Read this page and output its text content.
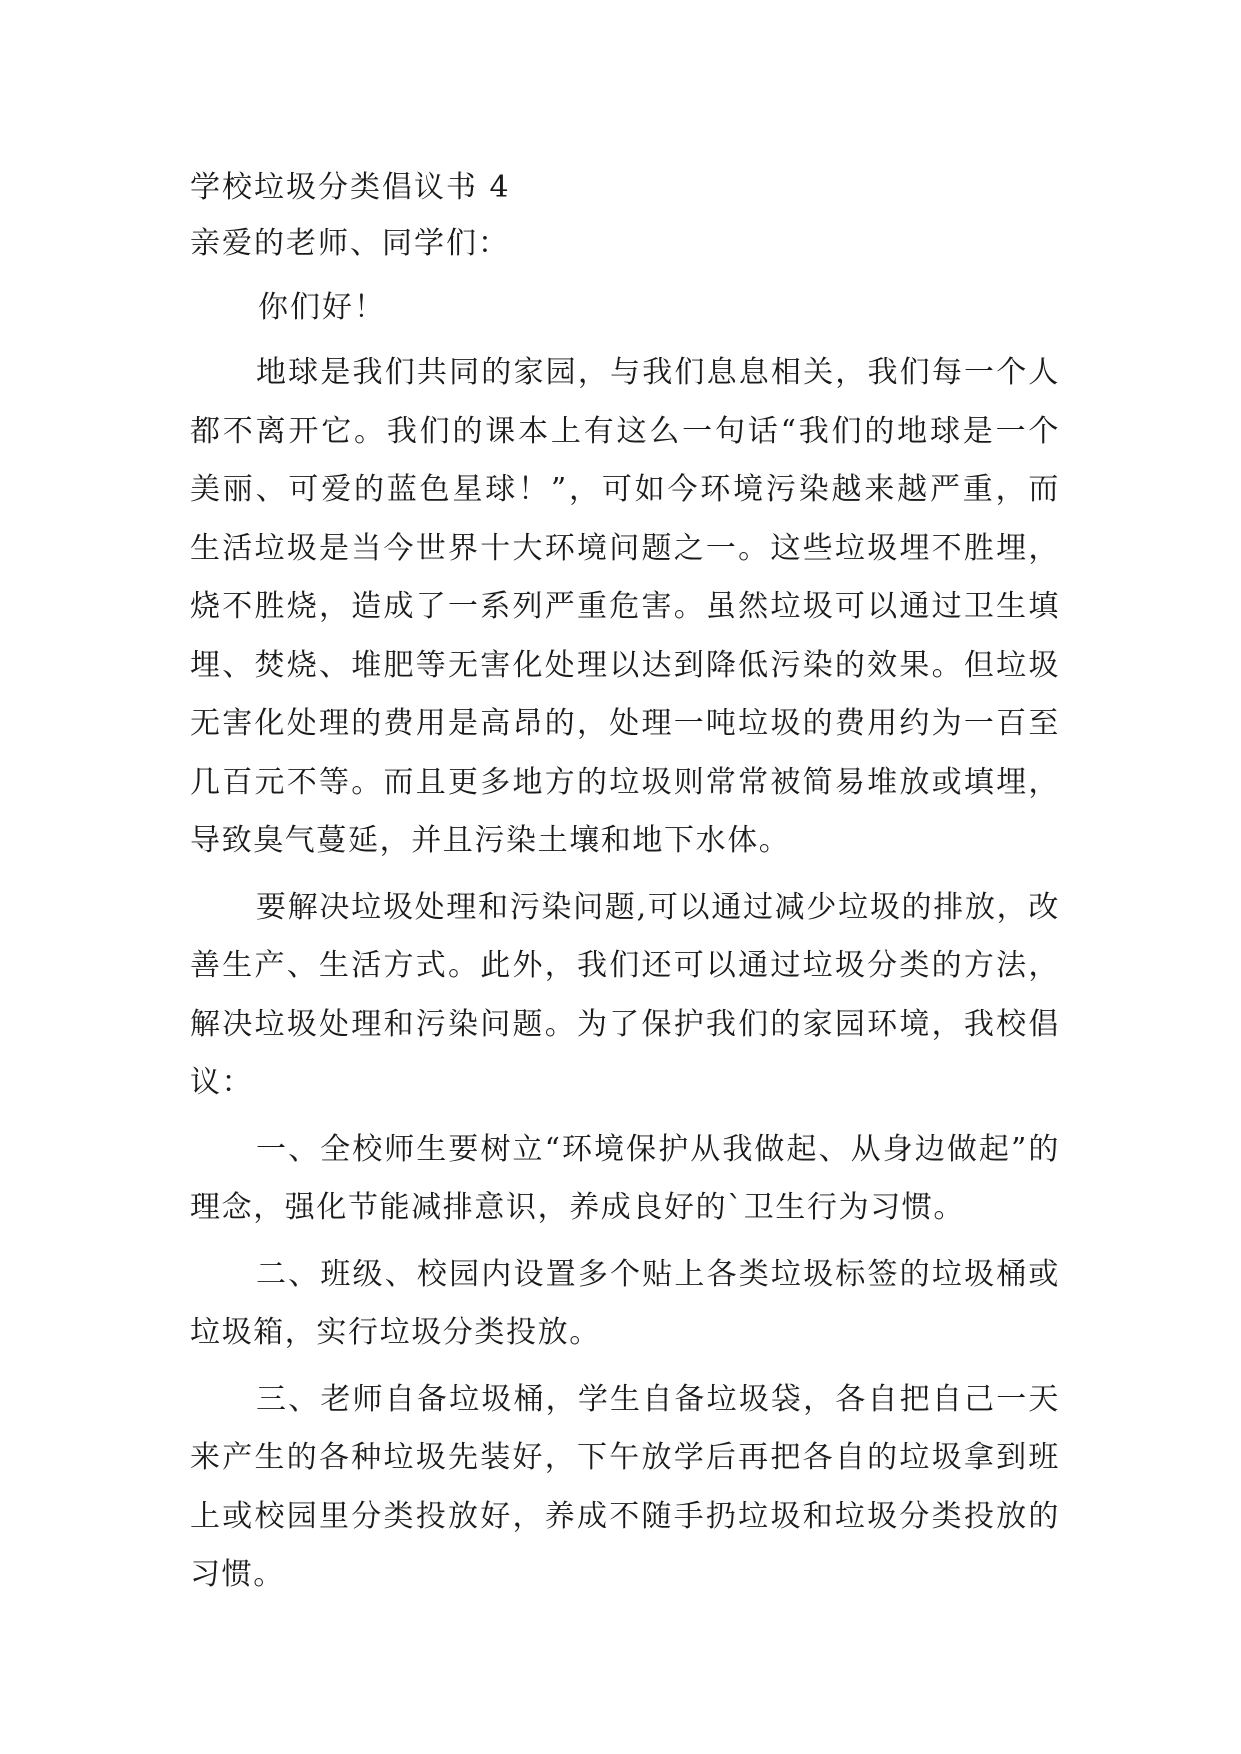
学校垃圾分类倡议书 4

亲爱的老师、同学们：

你们好！

地球是我们共同的家园，与我们息息相关，我们每一个人都不离开它。我们的课本上有这么一句话“我们的地球是一个美丽、可爱的蓝色星球！”，可如今环境污染越来越严重，而生活垃圾是当今世界十大环境问题之一。这些垃圾埋不胜埋，烧不胜烧，造成了一系列严重危害。虽然垃圾可以通过卫生填埋、焚烧、堆肥等无害化处理以达到降低污染的效果。但垃圾无害化处理的费用是高昂的，处理一吨垃圾的费用约为一百至几百元不等。而且更多地方的垃圾则常常被简易堆放或填埋，导致臭气蔓延，并且污染土壤和地下水体。

要解决垃圾处理和污染问题,可以通过减少垃圾的排放，改善生产、生活方式。此外，我们还可以通过垃圾分类的方法，解决垃圾处理和污染问题。为了保护我们的家园环境，我校倡议：

一、全校师生要树立“环境保护从我做起、从身边做起”的理念，强化节能减排意识，养成良好的`卫生行为习惯。

二、班级、校园内设置多个贴上各类垃圾标签的垃圾桶或垃圾箱，实行垃圾分类投放。

三、老师自备垃圾桶，学生自备垃圾袋，各自把自己一天来产生的各种垃圾先装好，下午放学后再把各自的垃圾拿到班上或校园里分类投放好，养成不随手扔垃圾和垃圾分类投放的习惯。
